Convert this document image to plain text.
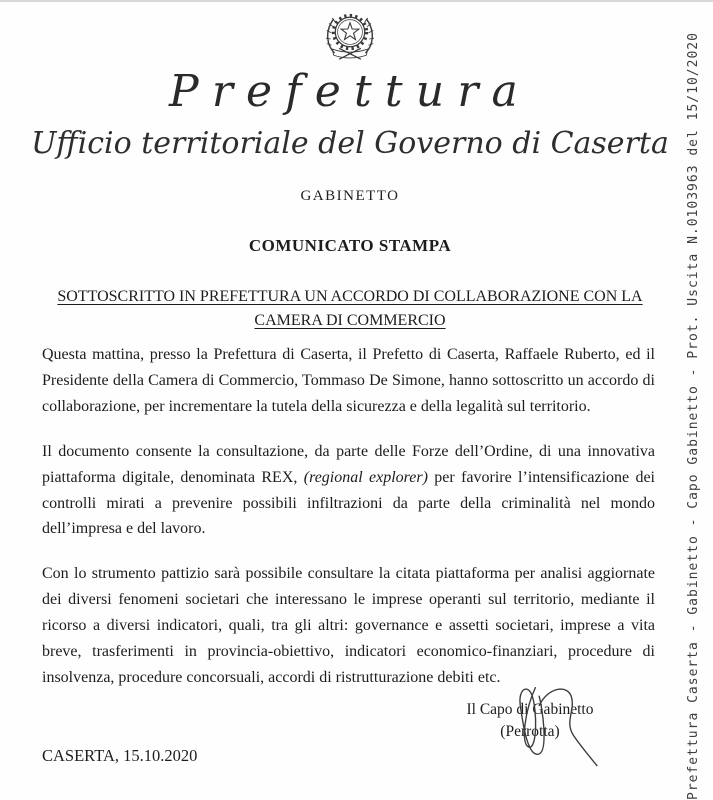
Prefettura
Ufficio territoriale del Governo di Caserta
GABINETTO
COMUNICATO STAMPA
SOTTOSCRITTO IN PREFETTURA UN ACCORDO DI COLLABORAZIONE CON LA CAMERA DI COMMERCIO

Questa mattina, presso la Prefettura di Caserta, il Prefetto di Caserta, Raffaele Ruberto, ed il Presidente della Camera di Commercio, Tommaso De Simone, hanno sottoscritto un accordo di collaborazione, per incrementare la tutela della sicurezza e della legalità sul territorio.

Il documento consente la consultazione, da parte delle Forze dell’Ordine, di una innovativa piattaforma digitale, denominata REX, (regional explorer) per favorire l’intensificazione dei controlli mirati a prevenire possibili infiltrazioni da parte della criminalità nel mondo dell’impresa e del lavoro.

Con lo strumento pattizio sarà possibile consultare la citata piattaforma per analisi aggiornate dei diversi fenomeni societari che interessano le imprese operanti sul territorio, mediante il ricorso a diversi indicatori, quali, tra gli altri: governance e assetti societari, imprese a vita breve, trasferimenti in provincia-obiettivo, indicatori economico-finanziari, procedure di insolvenza, procedure concorsuali, accordi di ristrutturazione debiti etc.

Il Capo di Gabinetto
(Perrotta)
CASERTA, 15.10.2020	Prefettura Caserta - Gabinetto - Capo Gabinetto - Prot. Uscita N.0103963 del 15/10/2020
